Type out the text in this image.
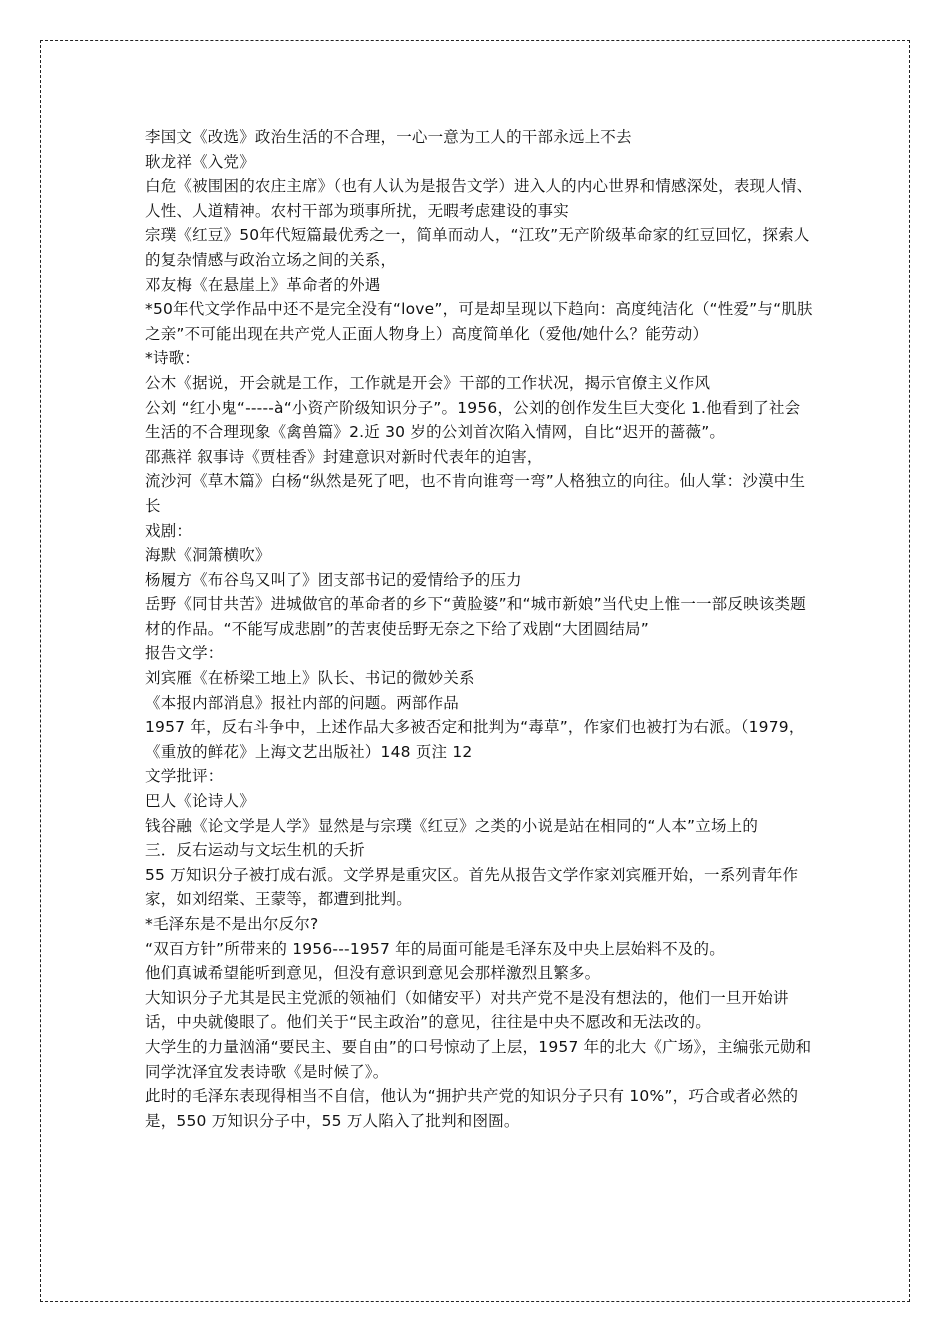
李国文《改选》政治生活的不合理，一心一意为工人的干部永远上不去

耿龙祥《入党》

白危《被围困的农庄主席》（也有人认为是报告文学）进入人的内心世界和情感深处，表现人情、人性、人道精神。农村干部为琐事所扰，无暇考虑建设的事实

宗璞《红豆》50年代短篇最优秀之一，简单而动人，“江玫”无产阶级革命家的红豆回忆，探索人的复杂情感与政治立场之间的关系，

邓友梅《在悬崖上》革命者的外遇

*50年代文学作品中还不是完全没有“love”，可是却呈现以下趋向：高度纯洁化（“性爱”与“肌肤之亲”不可能出现在共产党人正面人物身上）高度简单化（爱他/她什么？能劳动）

*诗歌：

公木《据说，开会就是工作，工作就是开会》干部的工作状况，揭示官僚主义作风

公刘 “红小鬼“-----à“小资产阶级知识分子”。1956，公刘的创作发生巨大变化 1.他看到了社会生活的不合理现象《禽兽篇》2.近 30 岁的公刘首次陷入情网，自比“迟开的蔷薇”。

邵燕祥 叙事诗《贾桂香》封建意识对新时代表年的迫害，

流沙河《草木篇》白杨“纵然是死了吧，也不肯向谁弯一弯”人格独立的向往。仙人掌：沙漠中生长

戏剧：

海默《洞箫横吹》

杨履方《布谷鸟又叫了》团支部书记的爱情给予的压力

岳野《同甘共苦》进城做官的革命者的乡下“黄脸婆”和“城市新娘”当代史上惟一一部反映该类题材的作品。“不能写成悲剧”的苦衷使岳野无奈之下给了戏剧“大团圆结局”

报告文学：

刘宾雁《在桥梁工地上》队长、书记的微妙关系

《本报内部消息》报社内部的问题。两部作品

1957 年，反右斗争中，上述作品大多被否定和批判为“毒草”，作家们也被打为右派。（1979，《重放的鲜花》上海文艺出版社）148 页注 12

文学批评：

巴人《论诗人》

钱谷融《论文学是人学》显然是与宗璞《红豆》之类的小说是站在相同的“人本”立场上的

三．反右运动与文坛生机的夭折

55 万知识分子被打成右派。文学界是重灾区。首先从报告文学作家刘宾雁开始，一系列青年作家，如刘绍棠、王蒙等，都遭到批判。

*毛泽东是不是出尔反尔?

“双百方针”所带来的 1956---1957 年的局面可能是毛泽东及中央上层始料不及的。

他们真诚希望能听到意见，但没有意识到意见会那样激烈且繁多。

大知识分子尤其是民主党派的领袖们（如储安平）对共产党不是没有想法的，他们一旦开始讲话，中央就傻眼了。他们关于“民主政治”的意见，往往是中央不愿改和无法改的。

大学生的力量汹涌“要民主、要自由”的口号惊动了上层，1957 年的北大《广场》，主编张元勋和同学沈泽宜发表诗歌《是时候了》。

此时的毛泽东表现得相当不自信，他认为“拥护共产党的知识分子只有 10%”，巧合或者必然的是，550 万知识分子中，55 万人陷入了批判和囹圄。
